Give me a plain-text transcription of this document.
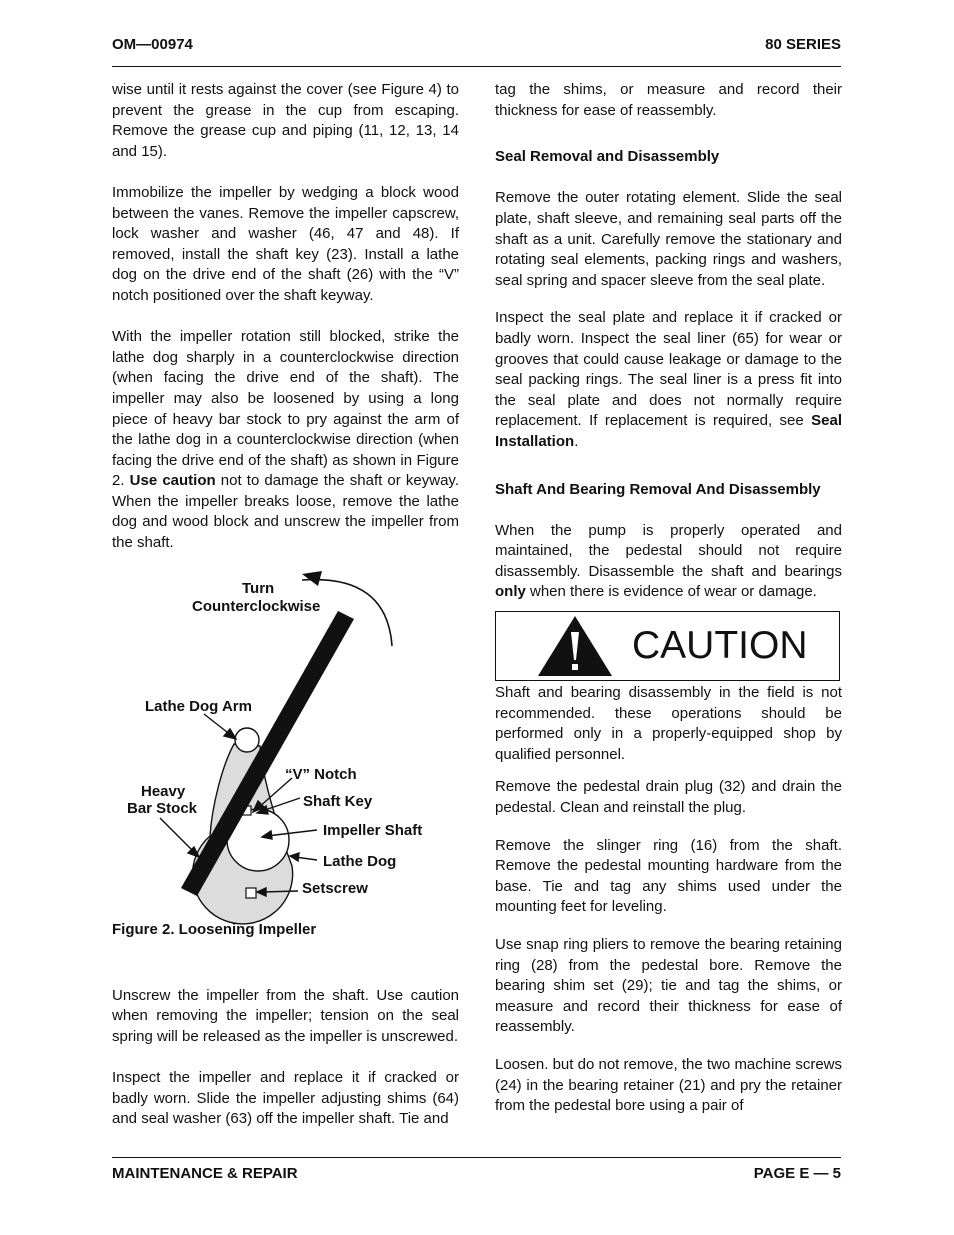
OM—00974	80 SERIES

wise until it rests against the cover (see Figure 4) to prevent the grease in the cup from escaping. Remove the grease cup and piping (11, 12, 13, 14 and 15).

Immobilize the impeller by wedging a block wood between the vanes. Remove the impeller capscrew, lock washer and washer (46, 47 and 48). If removed, install the shaft key (23). Install a lathe dog on the drive end of the shaft (26) with the “V” notch positioned over the shaft keyway.

With the impeller rotation still blocked, strike the lathe dog sharply in a counterclockwise direction (when facing the drive end of the shaft). The impeller may also be loosened by using a long piece of heavy bar stock to pry against the arm of the lathe dog in a counterclockwise direction (when facing the drive end of the shaft) as shown in Figure 2. Use caution not to damage the shaft or keyway. When the impeller breaks loose, remove the lathe dog and wood block and unscrew the impeller from the shaft.

Turn
Counterclockwise
Lathe Dog Arm
“V” Notch
Heavy
Bar Stock	Shaft Key
Impeller Shaft
Lathe Dog
Setscrew

Figure 2. Loosening Impeller

Unscrew the impeller from the shaft. Use caution when removing the impeller; tension on the seal spring will be released as the impeller is unscrewed.

Inspect the impeller and replace it if cracked or badly worn. Slide the impeller adjusting shims (64) and seal washer (63) off the impeller shaft. Tie and

tag the shims, or measure and record their thickness for ease of reassembly.

Seal Removal and Disassembly

Remove the outer rotating element. Slide the seal plate, shaft sleeve, and remaining seal parts off the shaft as a unit. Carefully remove the stationary and rotating seal elements, packing rings and washers, seal spring and spacer sleeve from the seal plate.

Inspect the seal plate and replace it if cracked or badly worn. Inspect the seal liner (65) for wear or grooves that could cause leakage or damage to the seal packing rings. The seal liner is a press fit into the seal plate and does not normally require replacement. If replacement is required, see Seal Installation.

Shaft And Bearing Removal And Disassembly

When the pump is properly operated and maintained, the pedestal should not require disassembly. Disassemble the shaft and bearings only when there is evidence of wear or damage.

CAUTION

Shaft and bearing disassembly in the field is not recommended. these operations should be performed only in a properly-equipped shop by qualified personnel.

Remove the pedestal drain plug (32) and drain the pedestal. Clean and reinstall the plug.

Remove the slinger ring (16) from the shaft. Remove the pedestal mounting hardware from the base. Tie and tag any shims used under the mounting feet for leveling.

Use snap ring pliers to remove the bearing retaining ring (28) from the pedestal bore. Remove the bearing shim set (29); tie and tag the shims, or measure and record their thickness for ease of reassembly.

Loosen. but do not remove, the two machine screws (24) in the bearing retainer (21) and pry the retainer from the pedestal bore using a pair of

MAINTENANCE & REPAIR	PAGE E — 5
